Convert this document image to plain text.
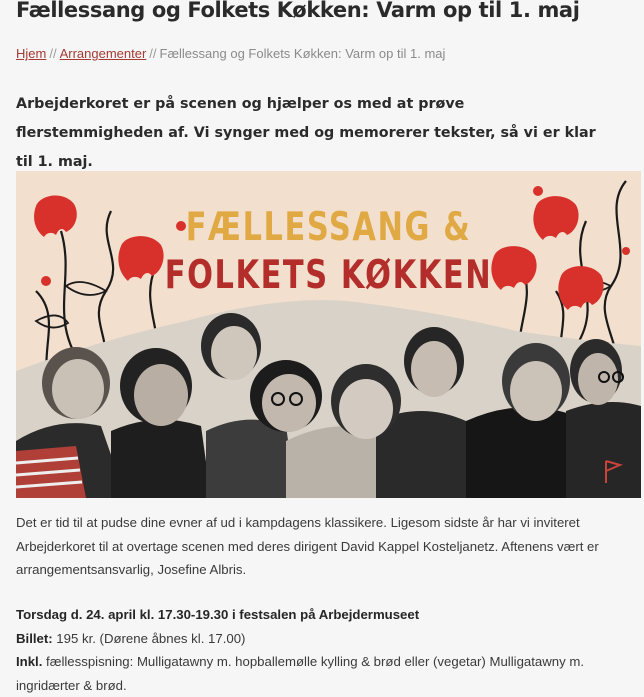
Fællessang og Folkets Køkken: Varm op til 1. maj
Hjem // Arrangementer // Fællessang og Folkets Køkken: Varm op til 1. maj

Arbejderkoret er på scenen og hjælper os med at prøve flerstemmigheden af. Vi synger med og memorerer tekster, så vi er klar til 1. maj.

FÆLLESSANG &
FOLKETS KØKKEN

Det er tid til at pudse dine evner af ud i kampdagens klassikere. Ligesom sidste år har vi inviteret Arbejderkoret til at overtage scenen med deres dirigent David Kappel Kosteljanetz. Aftenens vært er arrangementsansvarlig, Josefine Albris.

Torsdag d. 24. april kl. 17.30-19.30 i festsalen på Arbejdermuseet
Billet: 195 kr. (Dørene åbnes kl. 17.00)
Inkl. fællesspisning: Mulligatawny m. hopballemølle kylling & brød eller (vegetar) Mulligatawny m. ingridærter & brød.
